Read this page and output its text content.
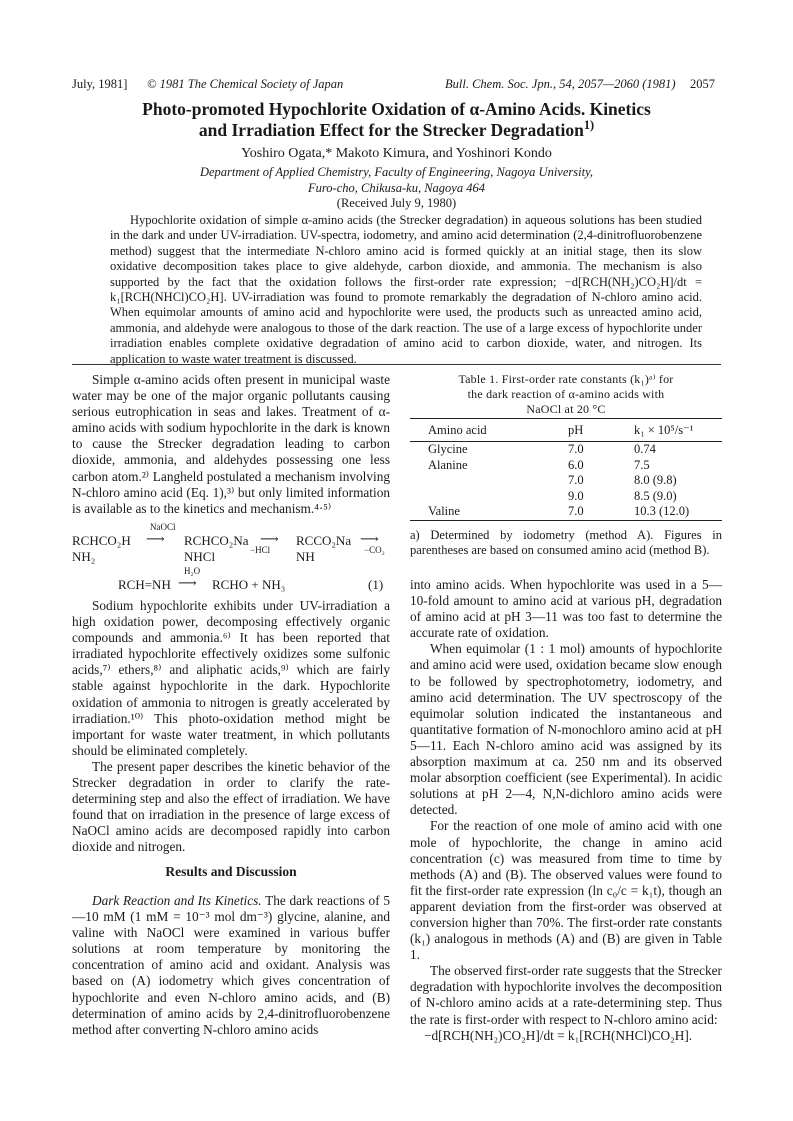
July, 1981] © 1981 The Chemical Society of Japan	Bull. Chem. Soc. Jpn., 54, 2057—2060 (1981) 2057
Photo-promoted Hypochlorite Oxidation of α-Amino Acids. Kinetics
and Irradiation Effect for the Strecker Degradation$^{1)}$
Yoshiro Ogata,* Makoto Kimura, and Yoshinori Kondo
Department of Applied Chemistry, Faculty of Engineering, Nagoya University,
Furo-cho, Chikusa-ku, Nagoya 464
(Received July 9, 1980)

Hypochlorite oxidation of simple α-amino acids (the Strecker degradation) in aqueous solutions has been studied in the dark and under UV-irradiation. UV-spectra, iodometry, and amino acid determination (2,4-dinitrofluorobenzene method) suggest that the intermediate N-chloro amino acid is formed quickly at an initial stage, then its slow oxidative decomposition takes place to give aldehyde, carbon dioxide, and ammonia. The mechanism is also supported by the fact that the oxidation follows the first-order rate expression; −d[RCH(NH₂)CO₂H]/dt = k₁[RCH(NHCl)CO₂H]. UV-irradiation was found to promote remarkably the degradation of N-chloro amino acid. When equimolar amounts of amino acid and hypochlorite were used, the products such as unreacted amino acid, ammonia, and aldehyde were analogous to those of the dark reaction. The use of a large excess of hypochlorite under irradiation enables complete oxidative degradation of amino acid to carbon dioxide, water, and nitrogen. Its application to waste water treatment is discussed.

Simple α-amino acids often present in municipal waste water may be one of the major organic pollutants causing serious eutrophication in seas and lakes. Treatment of α-amino acids with sodium hypochlorite in the dark is known to cause the Strecker degradation leading to carbon dioxide, ammonia, and aldehydes possessing one less carbon atom.²⁾ Langheld postulated a mechanism involving N-chloro amino acid (Eq. 1),³⁾ but only limited information is available as to the kinetics and mechanism.⁴·⁵⁾

RCHCO₂H
NH₂
NaOCl
⟶ RCHCO₂Na
NHCl
⟶
−HCl
RCCO₂Na
NH
⟶
−CO₂
RCH=NH
H₂O
⟶ RCHO + NH₃	(1)

Sodium hypochlorite exhibits under UV-irradiation a high oxidation power, decomposing effectively organic compounds and ammonia.⁶⁾ It has been reported that irradiated hypochlorite effectively oxidizes some sulfonic acids,⁷⁾ ethers,⁸⁾ and aliphatic acids,⁹⁾ which are fairly stable against hypochlorite in the dark. Hypochlorite oxidation of ammonia to nitrogen is greatly accelerated by irradiation.¹⁰⁾ This photo-oxidation method might be important for waste water treatment, in which pollutants should be eliminated completely.

The present paper describes the kinetic behavior of the Strecker degradation in order to clarify the rate-determining step and also the effect of irradiation. We have found that on irradiation in the presence of large excess of NaOCl amino acids are decomposed rapidly into carbon dioxide and nitrogen.

Results and Discussion

Dark Reaction and Its Kinetics. The dark reactions of 5—10 mM (1 mM = 10⁻³ mol dm⁻³) glycine, alanine, and valine with NaOCl were examined in various buffer solutions at room temperature by monitoring the concentration of amino acid and oxidant. Analysis was based on (A) iodometry which gives concentration of hypochlorite and even N-chloro amino acids, and (B) determination of amino acids by 2,4-dinitrofluorobenzene method after converting N-chloro amino acids

Table 1. First-order rate constants (k₁)ᵃ⁾ for
the dark reaction of α-amino acids with
NaOCl at 20 °C
Amino acid	pH	k₁ × 10⁵/s⁻¹
Glycine	7.0	0.74
Alanine	6.0	7.5
	7.0	8.0 (9.8)
	9.0	8.5 (9.0)
Valine	7.0	10.3 (12.0)
a) Determined by iodometry (method A). Figures in parentheses are based on consumed amino acid (method B).

into amino acids. When hypochlorite was used in a 5—10-fold amount to amino acid at various pH, degradation of amino acid at pH 3—11 was too fast to determine the accurate rate of oxidation.

When equimolar (1 : 1 mol) amounts of hypochlorite and amino acid were used, oxidation became slow enough to be followed by spectrophotometry, iodometry, and amino acid determination. The UV spectroscopy of the equimolar solution indicated the instantaneous and quantitative formation of N-monochloro amino acid at pH 5—11. Each N-chloro amino acid was assigned by its absorption maximum at ca. 250 nm and its observed molar absorption coefficient (see Experimental). In acidic solutions at pH 2—4, N,N-dichloro amino acids were detected.

For the reaction of one mole of amino acid with one mole of hypochlorite, the change in amino acid concentration (c) was measured from time to time by methods (A) and (B). The observed values were found to fit the first-order rate expression (ln c₀/c = k₁t), though an apparent deviation from the first-order was observed at conversion higher than 70%. The first-order rate constants (k₁) analogous in methods (A) and (B) are given in Table 1.

The observed first-order rate suggests that the Strecker degradation with hypochlorite involves the decomposition of N-chloro amino acids at a rate-determining step. Thus the rate is first-order with respect to N-chloro amino acid:

−d[RCH(NH₂)CO₂H]/dt = k₁[RCH(NHCl)CO₂H].
